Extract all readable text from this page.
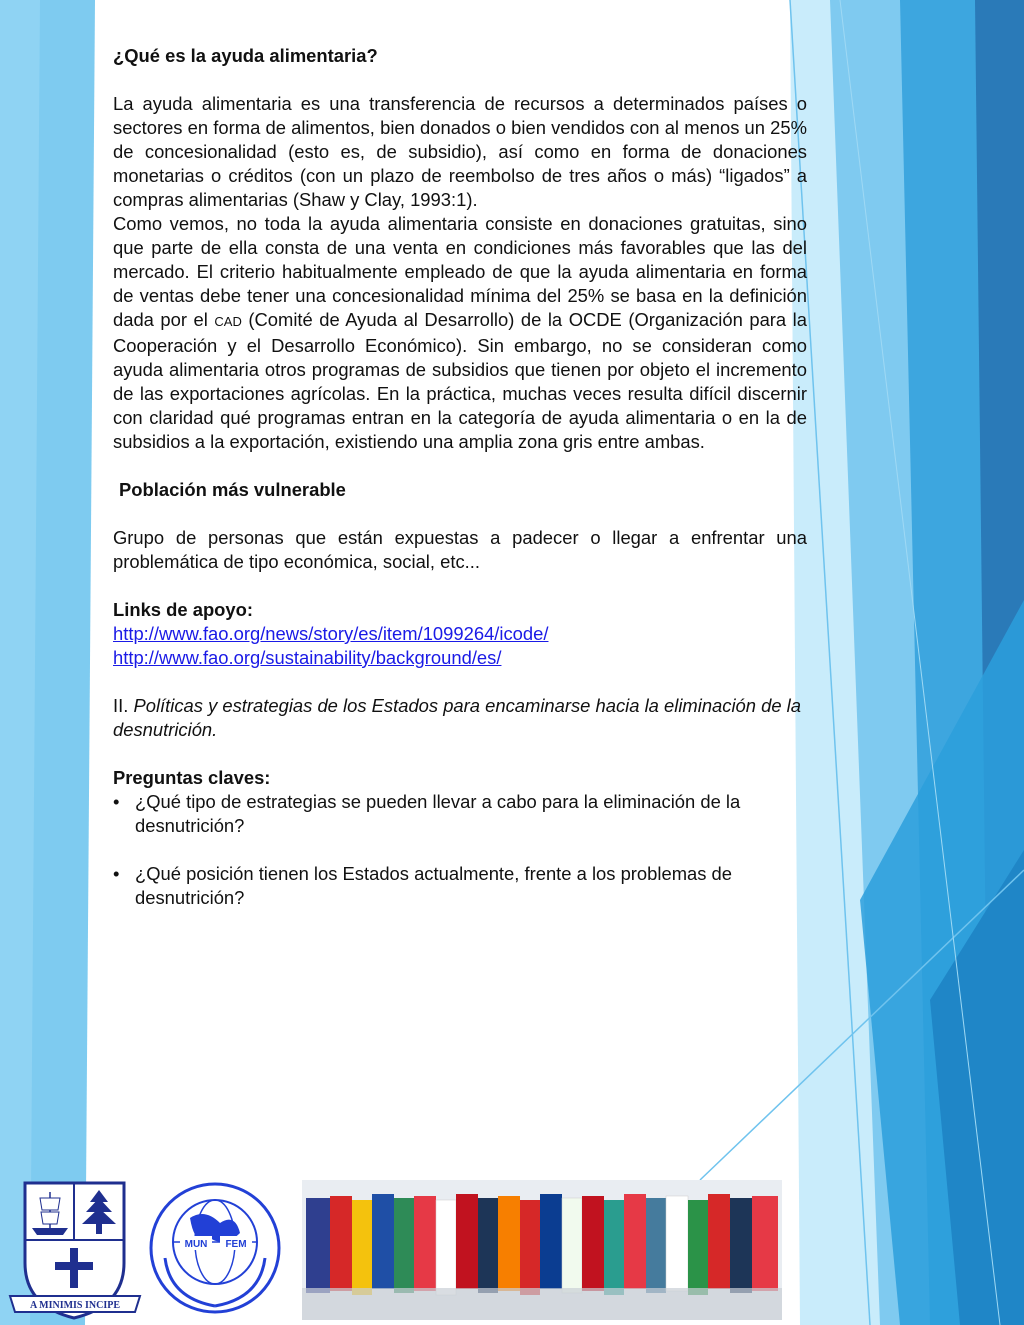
¿Qué es la ayuda alimentaria?

La ayuda alimentaria es una transferencia de recursos a determinados países o sectores en forma de alimentos, bien donados o bien vendidos con al menos un 25% de concesionalidad (esto es, de subsidio), así como en forma de donaciones monetarias o créditos (con un plazo de reembolso de tres años o más) “ligados” a compras alimentarias (Shaw y Clay, 1993:1).

Como vemos, no toda la ayuda alimentaria consiste en donaciones gratuitas, sino que parte de ella consta de una venta en condiciones más favorables que las del mercado. El criterio habitualmente empleado de que la ayuda alimentaria en forma de ventas debe tener una concesionalidad mínima del 25% se basa en la definición dada por el CAD (Comité de Ayuda al Desarrollo) de la OCDE (Organización para la Cooperación y el Desarrollo Económico). Sin embargo, no se consideran como ayuda alimentaria otros programas de subsidios que tienen por objeto el incremento de las exportaciones agrícolas. En la práctica, muchas veces resulta difícil discernir con claridad qué programas entran en la categoría de ayuda alimentaria o en la de subsidios a la exportación, existiendo una amplia zona gris entre ambas.

Población más vulnerable

Grupo de personas que están expuestas a padecer o llegar a enfrentar una problemática de tipo económica, social, etc...

Links de apoyo:

http://www.fao.org/news/story/es/item/1099264/icode/
http://www.fao.org/sustainability/background/es/

II. Políticas y estrategias de los Estados para encaminarse hacia la eliminación de la desnutrición.

Preguntas claves:

• ¿Qué tipo de estrategias se pueden llevar a cabo para la eliminación de la desnutrición?
• ¿Qué posición tienen los Estados actualmente, frente a los problemas de desnutrición?
A MINIMIS INCIPE
MUN FEM
